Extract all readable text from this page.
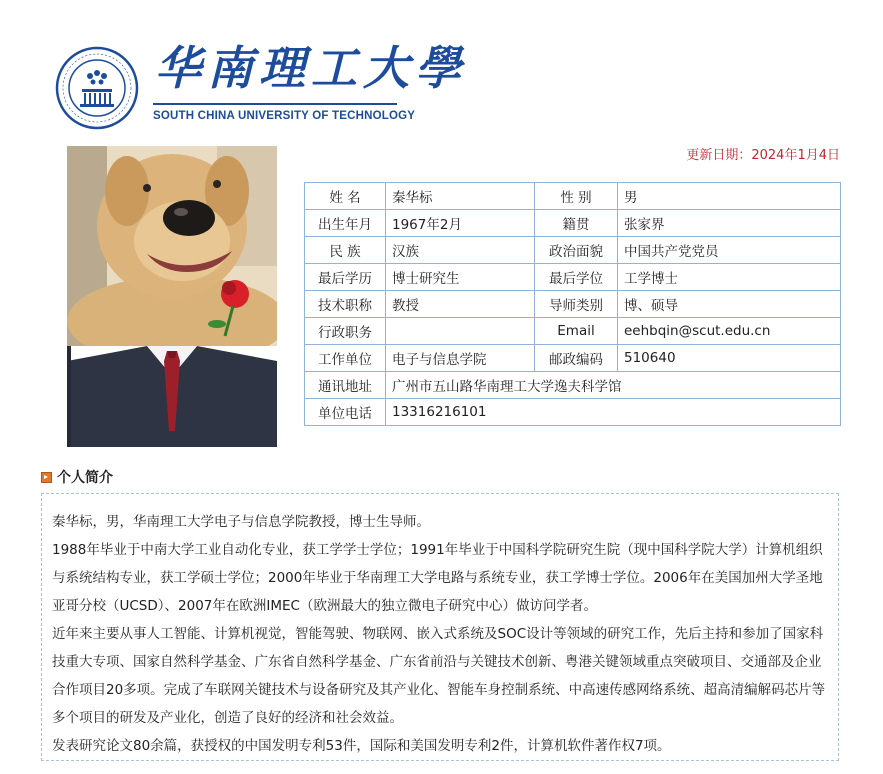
华南理工大學
SOUTH CHINA UNIVERSITY OF TECHNOLOGY
更新日期：2024年1月4日
姓 名	秦华标	性 别	男
出生年月	1967年2月	籍贯	张家界
民 族	汉族	政治面貌	中国共产党党员
最后学历	博士研究生	最后学位	工学博士
技术职称	教授	导师类别	博、硕导
行政职务		Email	eehbqin@scut.edu.cn
工作单位	电子与信息学院	邮政编码	510640
通讯地址	广州市五山路华南理工大学逸夫科学馆		
单位电话	13316216101		
个人简介

秦华标，男，华南理工大学电子与信息学院教授，博士生导师。

1988年毕业于中南大学工业自动化专业，获工学学士学位；1991年毕业于中国科学院研究生院（现中国科学院大学）计算机组织与系统结构专业，获工学硕士学位；2000年毕业于华南理工大学电路与系统专业，获工学博士学位。2006年在美国加州大学圣地亚哥分校（UCSD）、2007年在欧洲IMEC（欧洲最大的独立微电子研究中心）做访问学者。

近年来主要从事人工智能、计算机视觉，智能驾驶、物联网、嵌入式系统及SOC设计等领域的研究工作，先后主持和参加了国家科技重大专项、国家自然科学基金、广东省自然科学基金、广东省前沿与关键技术创新、粤港关键领域重点突破项目、交通部及企业合作项目20多项。完成了车联网关键技术与设备研究及其产业化、智能车身控制系统、中高速传感网络系统、超高清编解码芯片等多个项目的研发及产业化，创造了良好的经济和社会效益。

发表研究论文80余篇，获授权的中国发明专利53件，国际和美国发明专利2件，计算机软件著作权7项。
